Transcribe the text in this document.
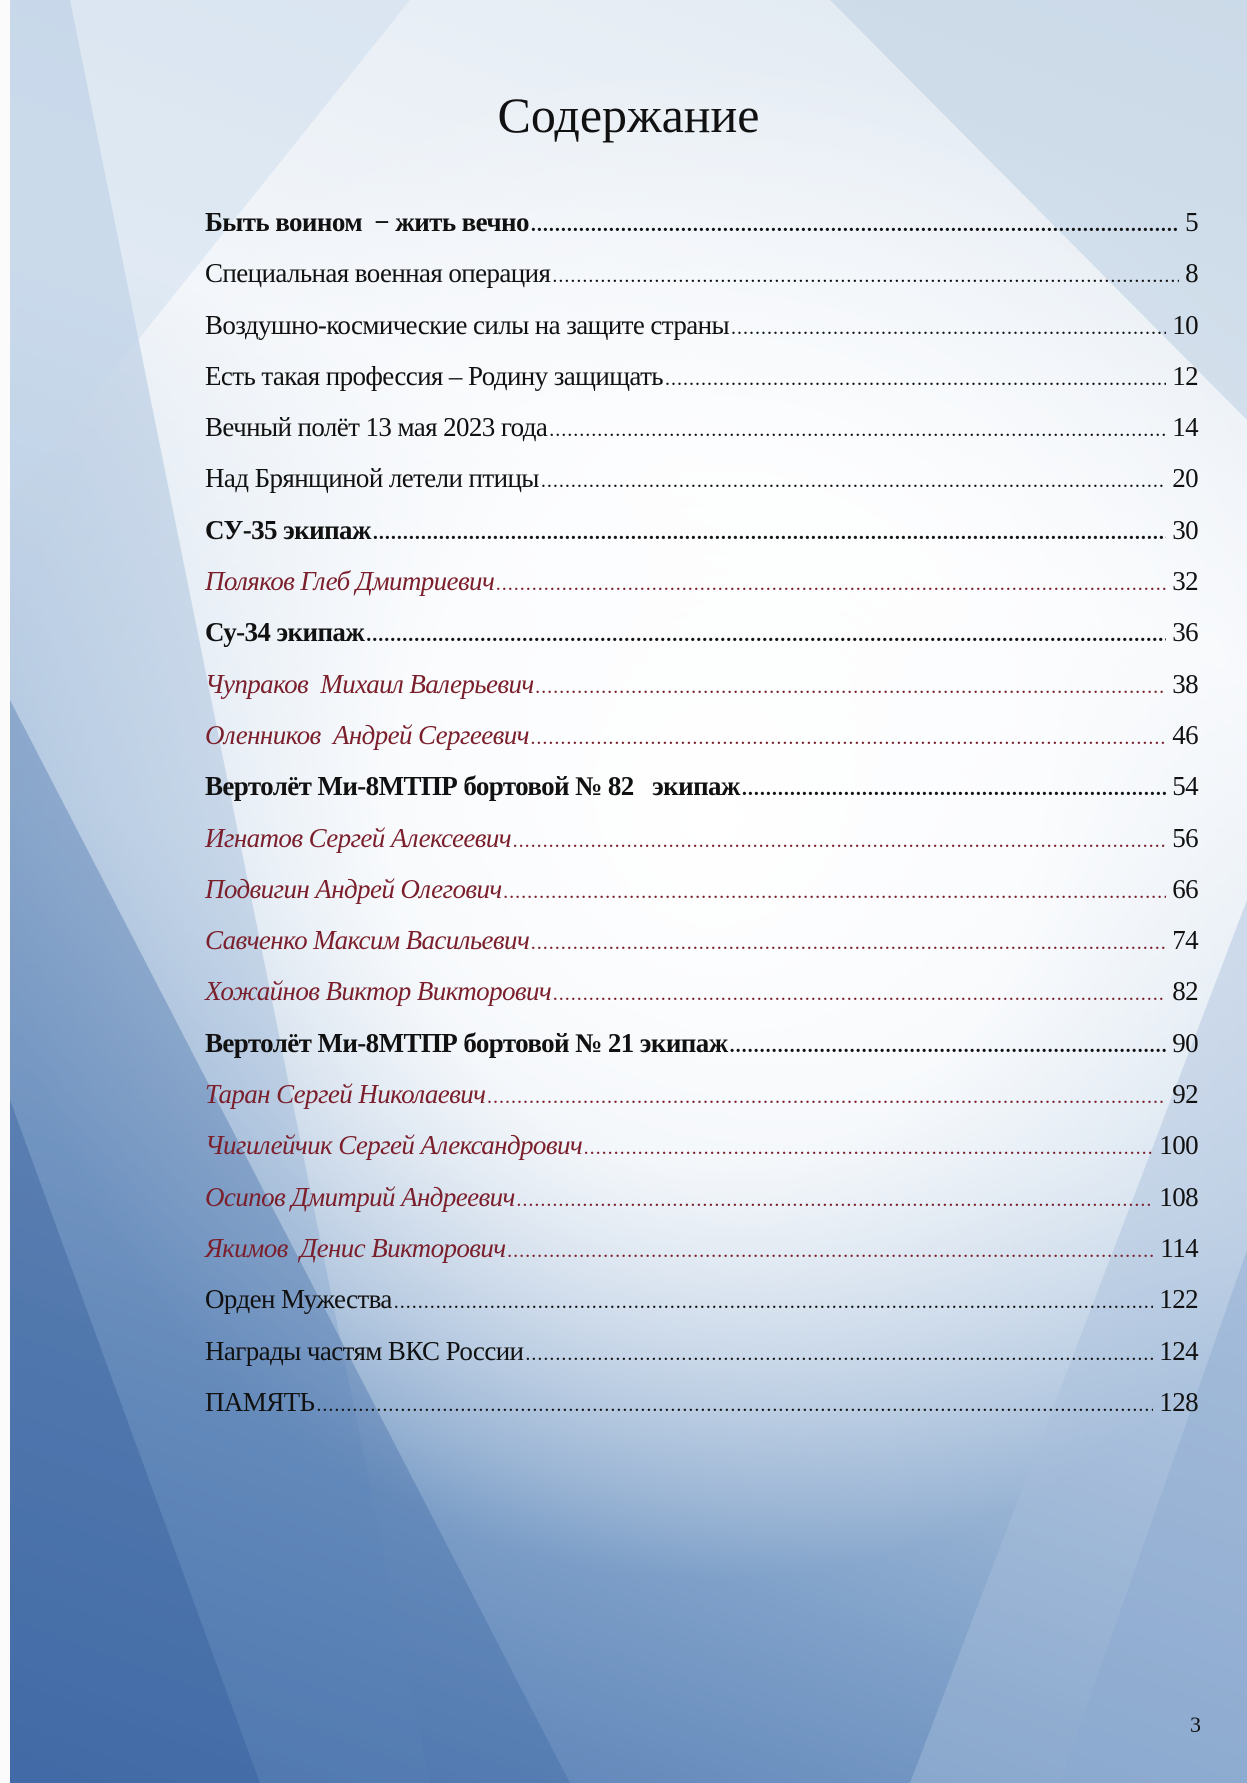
Содержание
Быть воином  − жить вечно .....	5
Специальная военная операция .....	8
Воздушно-космические силы на защите страны .....	10
Есть такая профессия – Родину защищать .....	12
Вечный полёт 13 мая 2023 года .....	14
Над Брянщиной летели птицы .....	20
СУ-35 экипаж .....	30
Поляков Глеб Дмитриевич .....	32
Су-34 экипаж .....	36
Чупраков  Михаил Валерьевич .....	38
Оленников  Андрей Сергеевич .....	46
Вертолёт Ми-8МТПР бортовой № 82   экипаж .....	54
Игнатов Сергей Алексеевич .....	56
Подвигин Андрей Олегович .....	66
Савченко Максим Васильевич .....	74
Хожайнов Виктор Викторович .....	82
Вертолёт Ми-8МТПР бортовой № 21 экипаж .....	90
Таран Сергей Николаевич .....	92
Чигилейчик Сергей Александрович .....	100
Осипов Дмитрий Андреевич .....	108
Якимов  Денис Викторович .....	114
Орден Мужества .....	122
Награды частям ВКС России .....	124
ПАМЯТЬ .....	128
3
